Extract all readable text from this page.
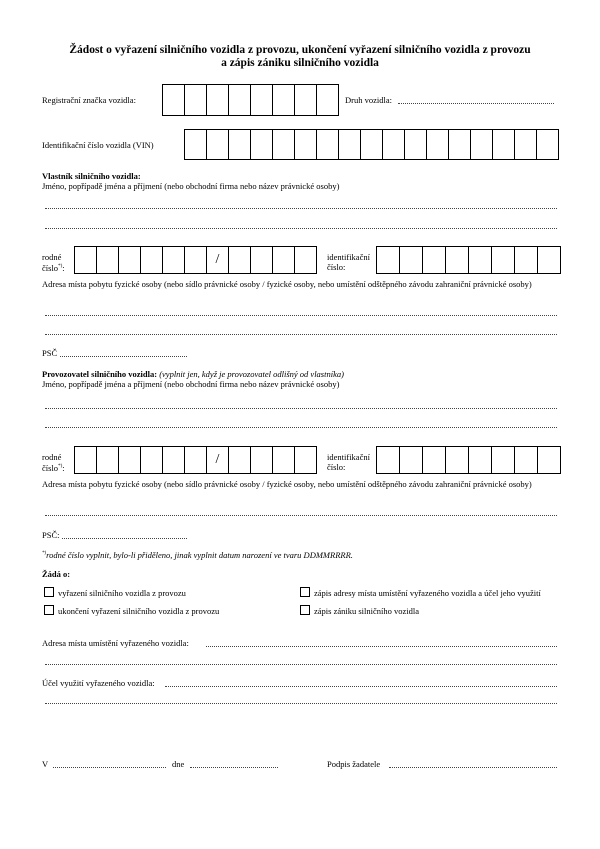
Žádost o vyřazení silničního vozidla z provozu, ukončení vyřazení silničního vozidla z provozu
a zápis zániku silničního vozidla
Registrační značka vozidla:	Druh vozidla:
Identifikační číslo vozidla (VIN)
Vlastník silničního vozidla:
Jméno, popřípadě jména a příjmení (nebo obchodní firma nebo název právnické osoby)
rodné
číslo*):
/	identifikační
číslo:
Adresa místa pobytu fyzické osoby (nebo sídlo právnické osoby / fyzické osoby, nebo umístění odštěpného závodu zahraniční právnické osoby)
PSČ
Provozovatel silničního vozidla: (vyplnit jen, když je provozovatel odlišný od vlastníka)
Jméno, popřípadě jména a příjmení (nebo obchodní firma nebo název právnické osoby)
rodné
číslo*):
/	identifikační
číslo:
Adresa místa pobytu fyzické osoby (nebo sídlo právnické osoby / fyzické osoby, nebo umístění odštěpného závodu zahraniční právnické osoby)
PSČ:
*)rodné číslo vyplnit, bylo-li přiděleno, jinak vyplnit datum narození ve tvaru DDMMRRRR.
Žádá o:
vyřazení silničního vozidla z provozu
ukončení vyřazení silničního vozidla z provozu
zápis adresy místa umístění vyřazeného vozidla a účel jeho využití
zápis zániku silničního vozidla
Adresa místa umístění vyřazeného vozidla:
Účel využití vyřazeného vozidla:
V	dne	Podpis žadatele
